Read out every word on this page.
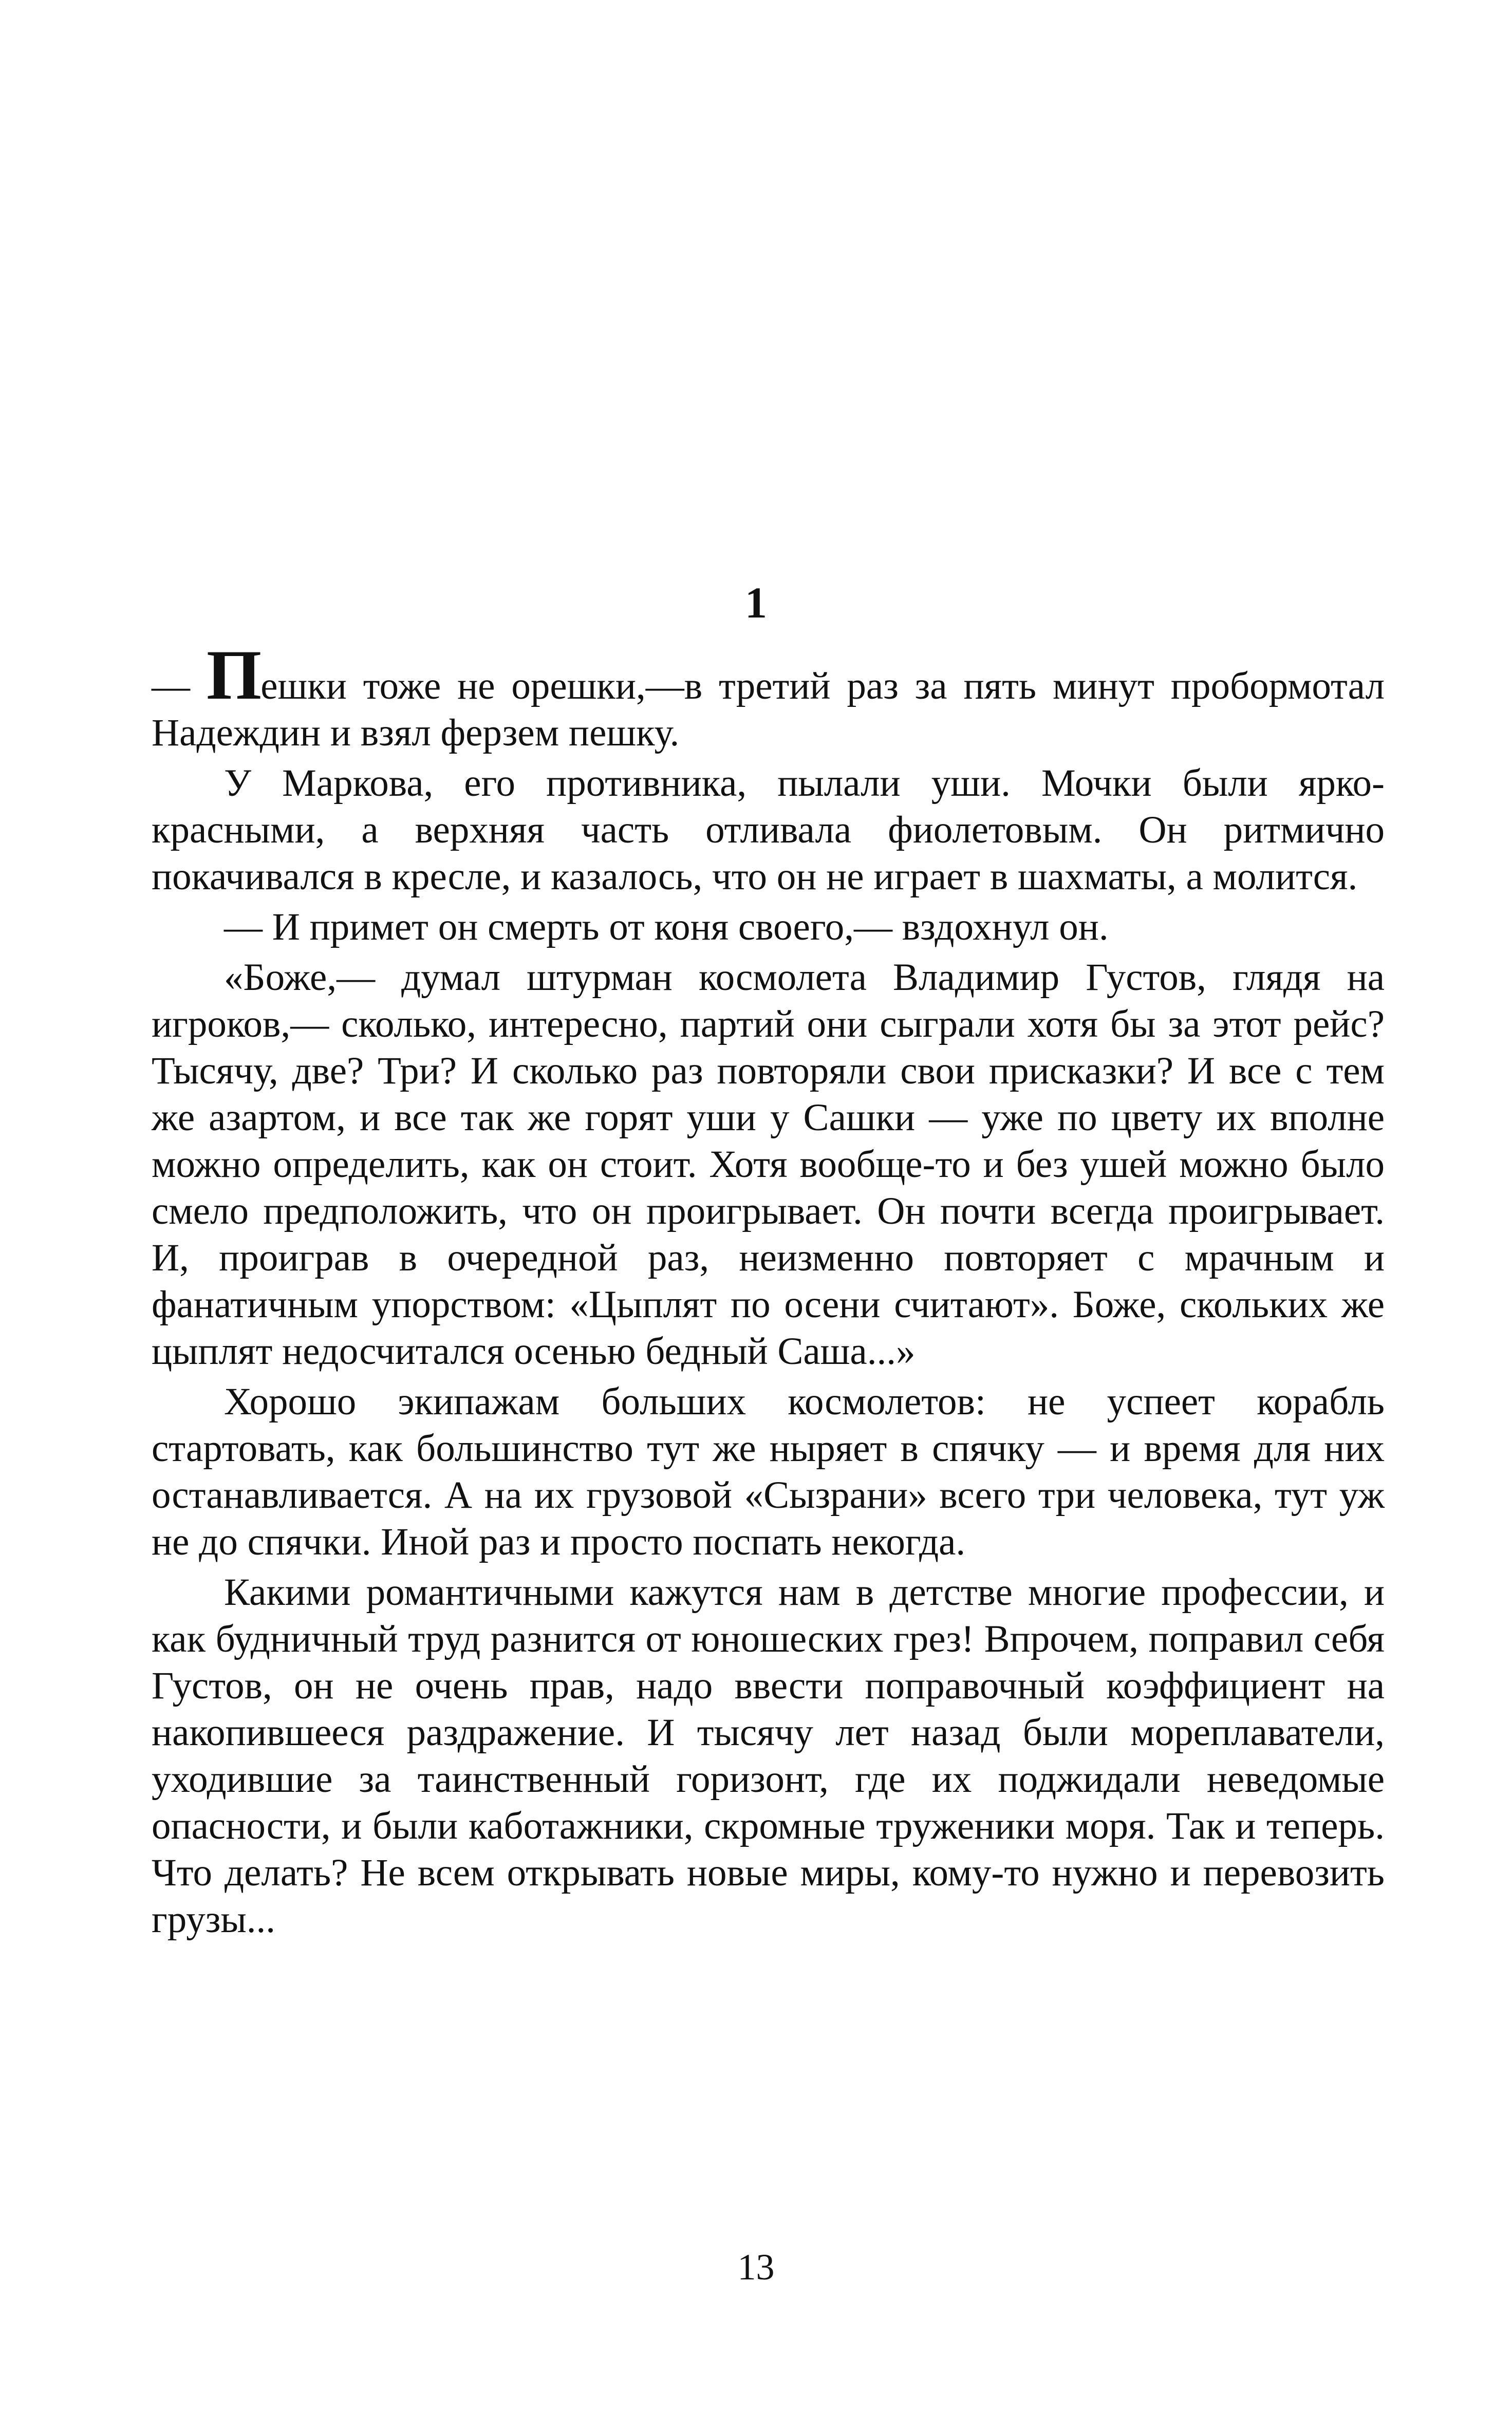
1

— Пешки тоже не орешки,—в третий раз за пять минут пробормотал Надеждин и взял ферзем пешку.

У Маркова, его противника, пылали уши. Мочки были ярко-красными, а верхняя часть отливала фиолетовым. Он ритмично покачивался в кресле, и казалось, что он не играет в шахматы, а молится.

— И примет он смерть от коня своего,— вздохнул он.

«Боже,— думал штурман космолета Владимир Густов, глядя на игроков,— сколько, интересно, партий они сыграли хотя бы за этот рейс? Тысячу, две? Три? И сколько раз повторяли свои присказки? И все с тем же азартом, и все так же горят уши у Сашки — уже по цвету их вполне можно определить, как он стоит. Хотя вообще-то и без ушей можно было смело предположить, что он проигрывает. Он почти всегда проигрывает. И, проиграв в очередной раз, неизменно повторяет с мрачным и фанатичным упорством: «Цыплят по осени считают». Боже, скольких же цыплят недосчитался осенью бедный Саша...»

Хорошо экипажам больших космолетов: не успеет корабль стартовать, как большинство тут же ныряет в спячку — и время для них останавливается. А на их грузовой «Сызрани» всего три человека, тут уж не до спячки. Иной раз и просто поспать некогда.

Какими романтичными кажутся нам в детстве многие профессии, и как будничный труд разнится от юношеских грез! Впрочем, поправил себя Густов, он не очень прав, надо ввести поправочный коэффициент на накопившееся раздражение. И тысячу лет назад были мореплаватели, уходившие за таинственный горизонт, где их поджидали неведомые опасности, и были каботажники, скромные труженики моря. Так и теперь. Что делать? Не всем открывать новые миры, кому-то нужно и перевозить грузы...

13
